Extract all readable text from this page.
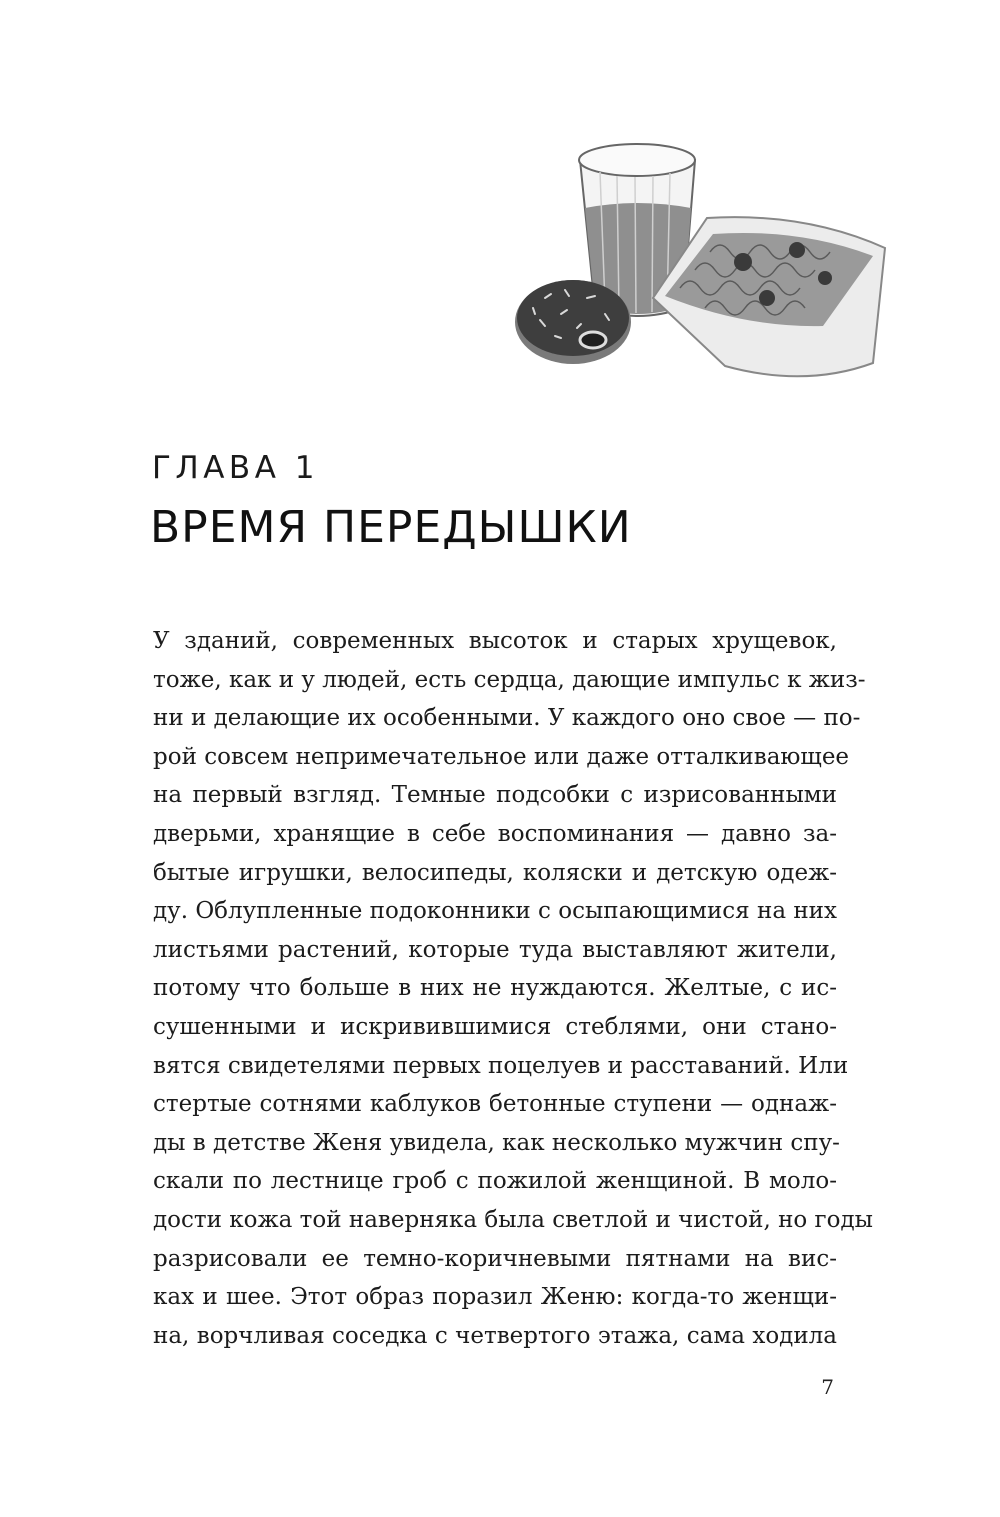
ГЛАВА 1
ВРЕМЯ ПЕРЕДЫШКИ
У зданий, современных высоток и старых хрущевок,
тоже, как и у людей, есть сердца, дающие импульс к жиз-
ни и делающие их особенными. У каждого оно свое — по-
рой совсем непримечательное или даже отталкивающее
на первый взгляд. Темные подсобки с изрисованными
дверьми, хранящие в себе воспоминания — давно за-
бытые игрушки, велосипеды, коляски и детскую одеж-
ду. Облупленные подоконники с осыпающимися на них
листьями растений, которые туда выставляют жители,
потому что больше в них не нуждаются. Желтые, с ис-
сушенными и искривившимися стеблями, они стано-
вятся свидетелями первых поцелуев и расставаний. Или
стертые сотнями каблуков бетонные ступени — однаж-
ды в детстве Женя увидела, как несколько мужчин спу-
скали по лестнице гроб с пожилой женщиной. В моло-
дости кожа той наверняка была светлой и чистой, но годы
разрисовали ее темно-коричневыми пятнами на вис-
ках и шее. Этот образ поразил Женю: когда-то женщи-
на, ворчливая соседка с четвертого этажа, сама ходила
7
